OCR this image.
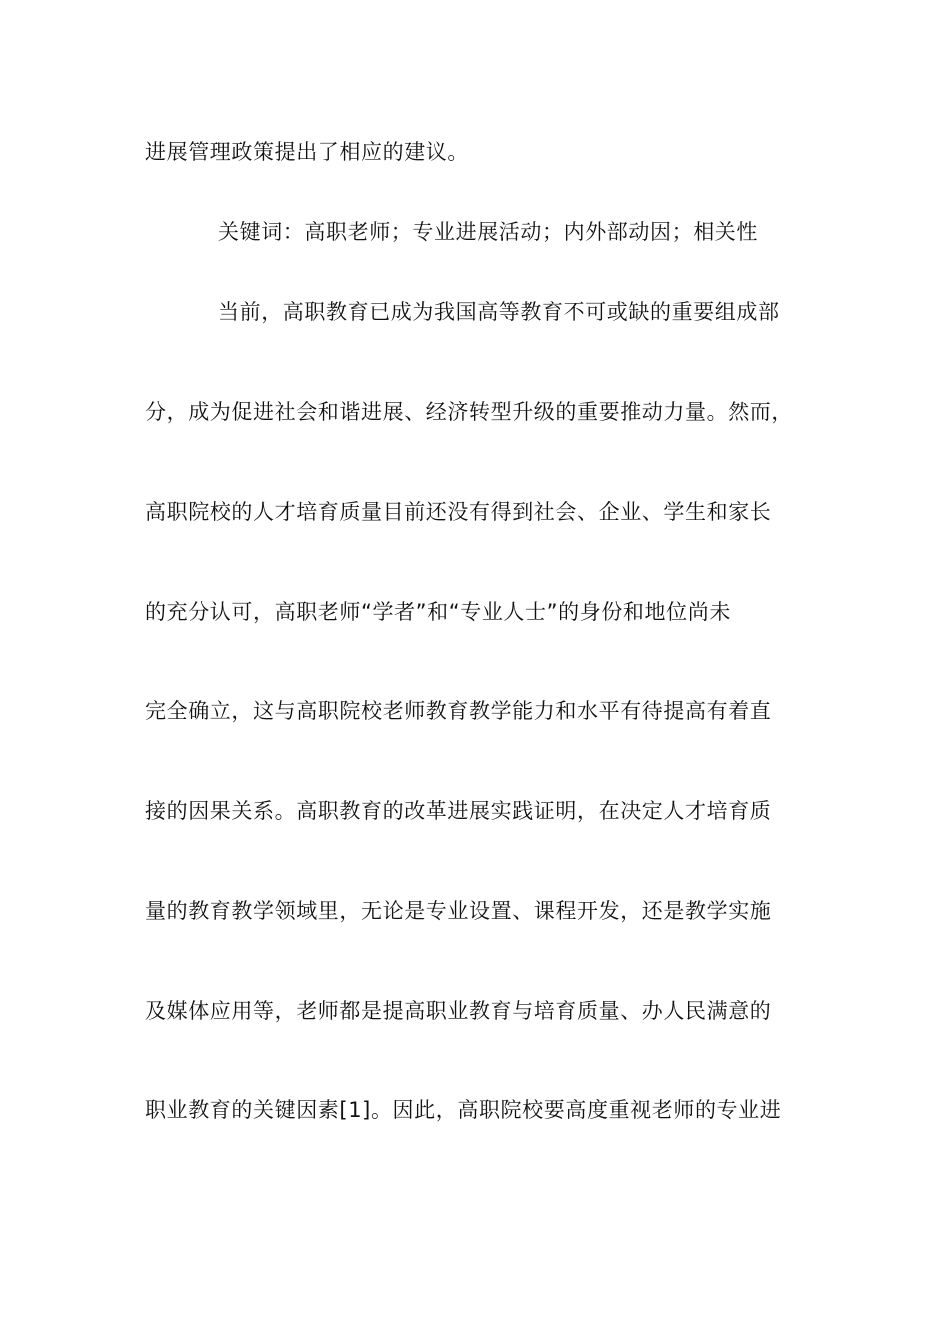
进展管理政策提出了相应的建议。
关键词：高职老师；专业进展活动；内外部动因；相关性
当前，高职教育已成为我国高等教育不可或缺的重要组成部
分，成为促进社会和谐进展、经济转型升级的重要推动力量。然而，
高职院校的人才培育质量目前还没有得到社会、企业、学生和家长
的充分认可，高职老师“学者”和“专业人士”的身份和地位尚未
完全确立，这与高职院校老师教育教学能力和水平有待提高有着直
接的因果关系。高职教育的改革进展实践证明，在决定人才培育质
量的教育教学领域里，无论是专业设置、课程开发，还是教学实施
及媒体应用等，老师都是提高职业教育与培育质量、办人民满意的
职业教育的关键因素[1]。因此，高职院校要高度重视老师的专业进
